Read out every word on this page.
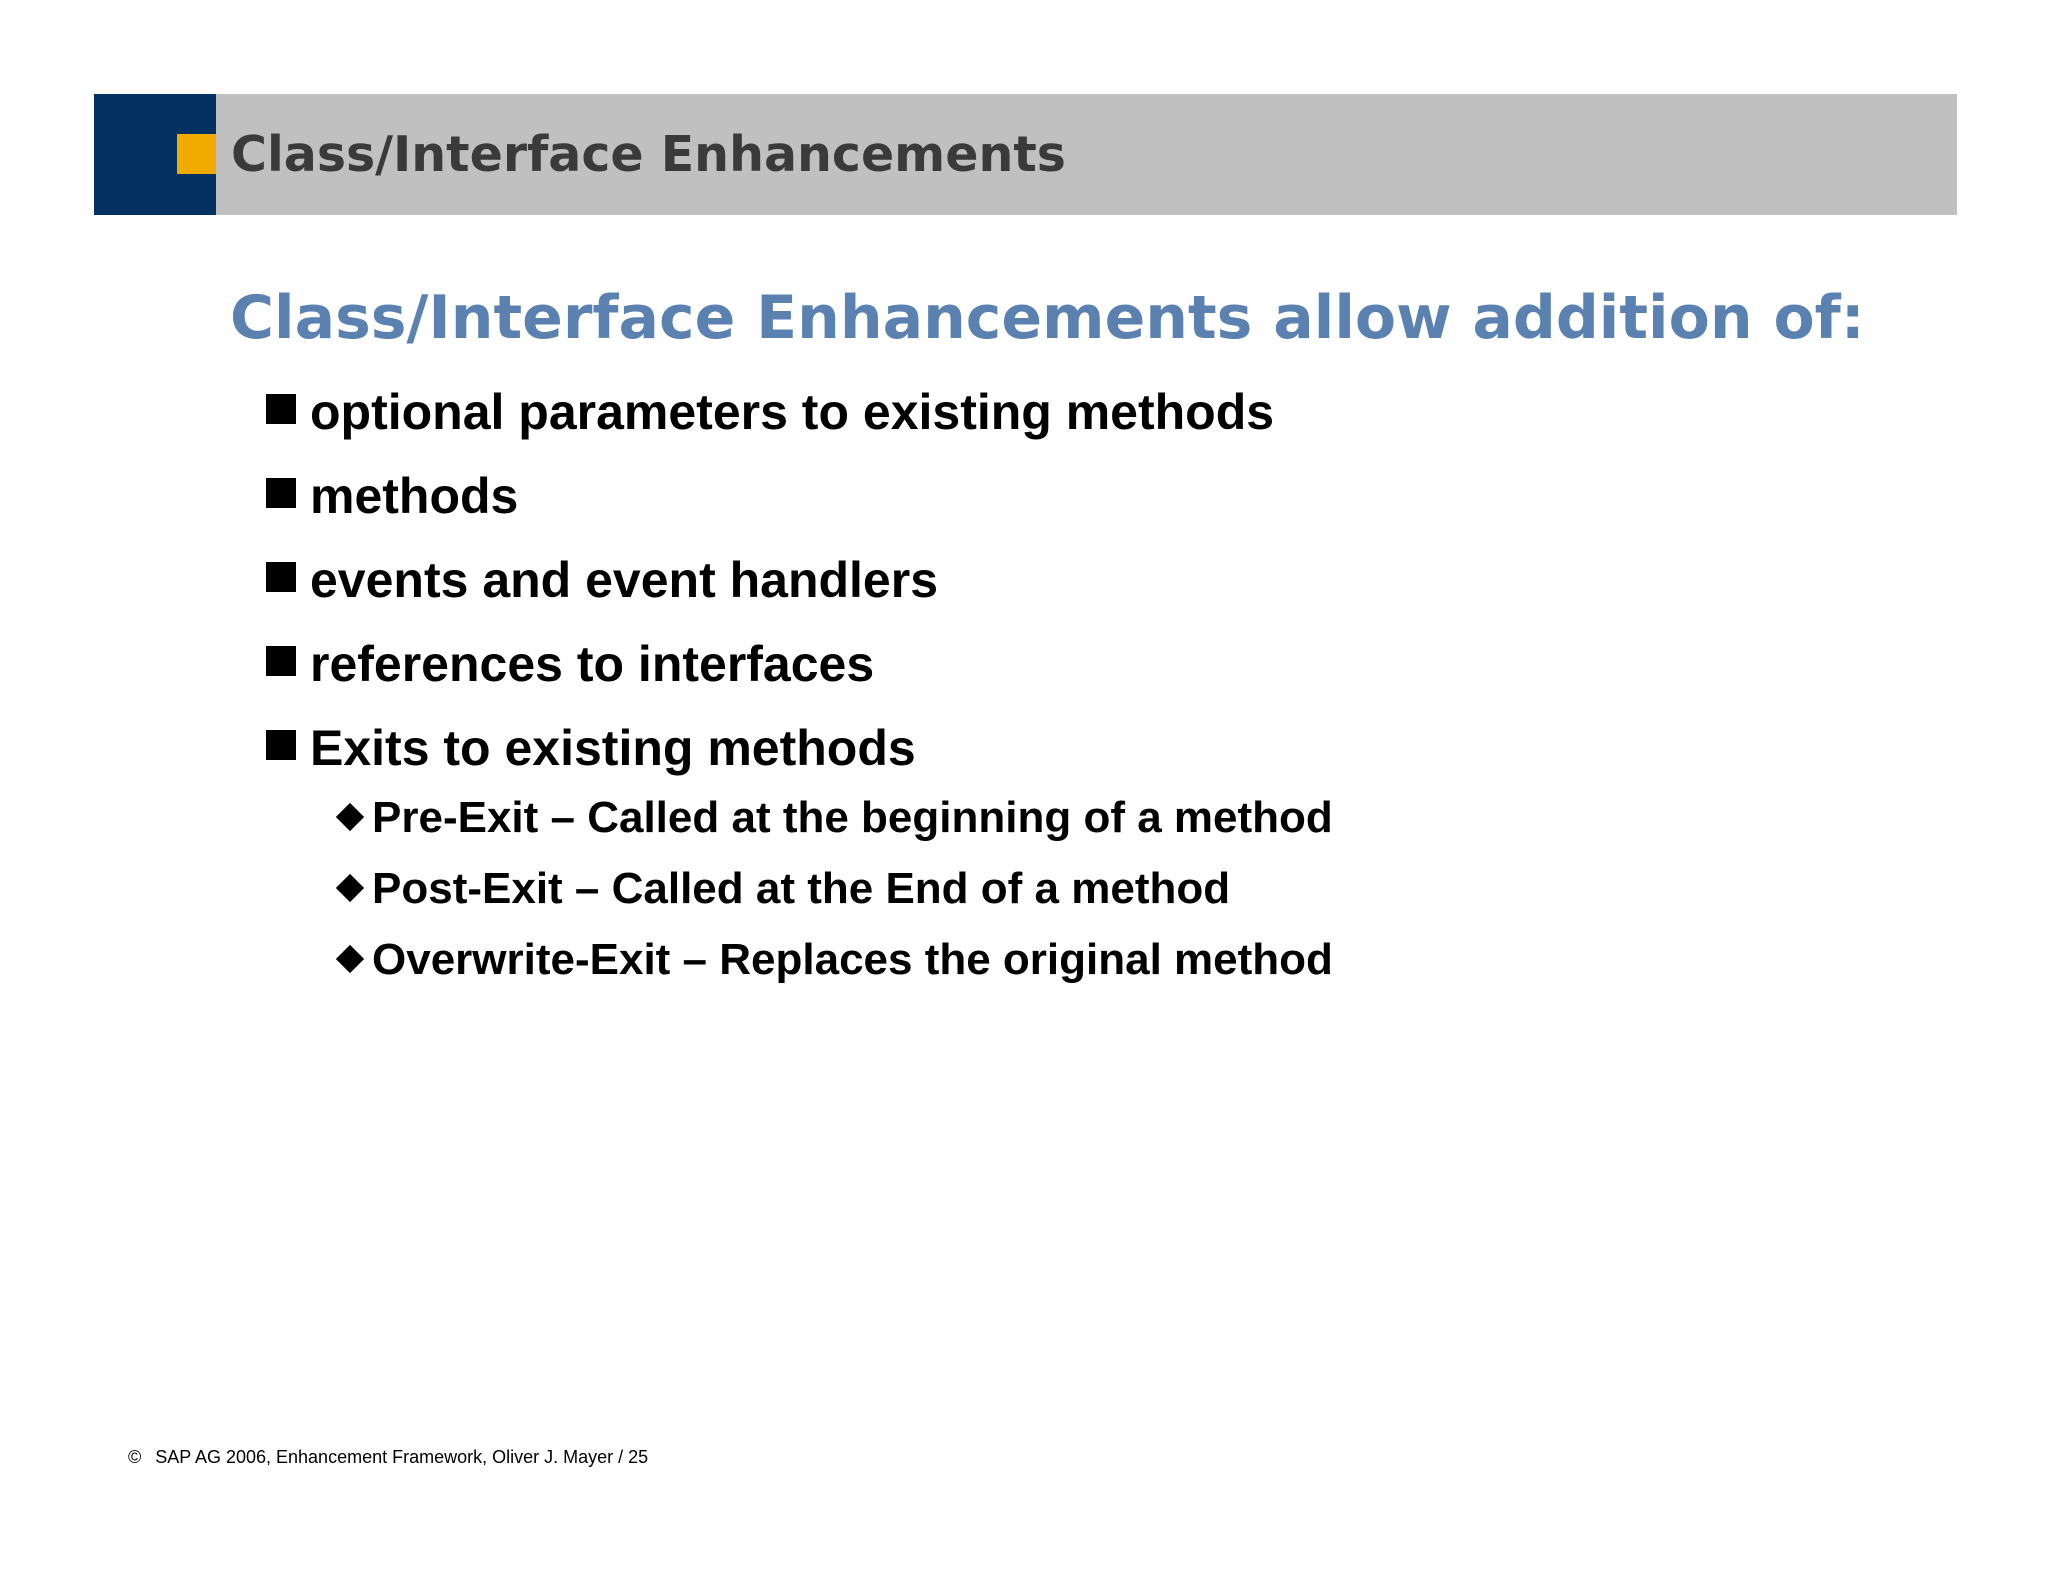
Class/Interface Enhancements
Class/Interface Enhancements allow addition of:
optional parameters to existing methods
methods
events and event handlers
references to interfaces
Exits to existing methods
Pre-Exit – Called at the beginning of a method
Post-Exit – Called at the End of a method
Overwrite-Exit – Replaces the original method
© SAP AG 2006, Enhancement Framework, Oliver J. Mayer / 25
